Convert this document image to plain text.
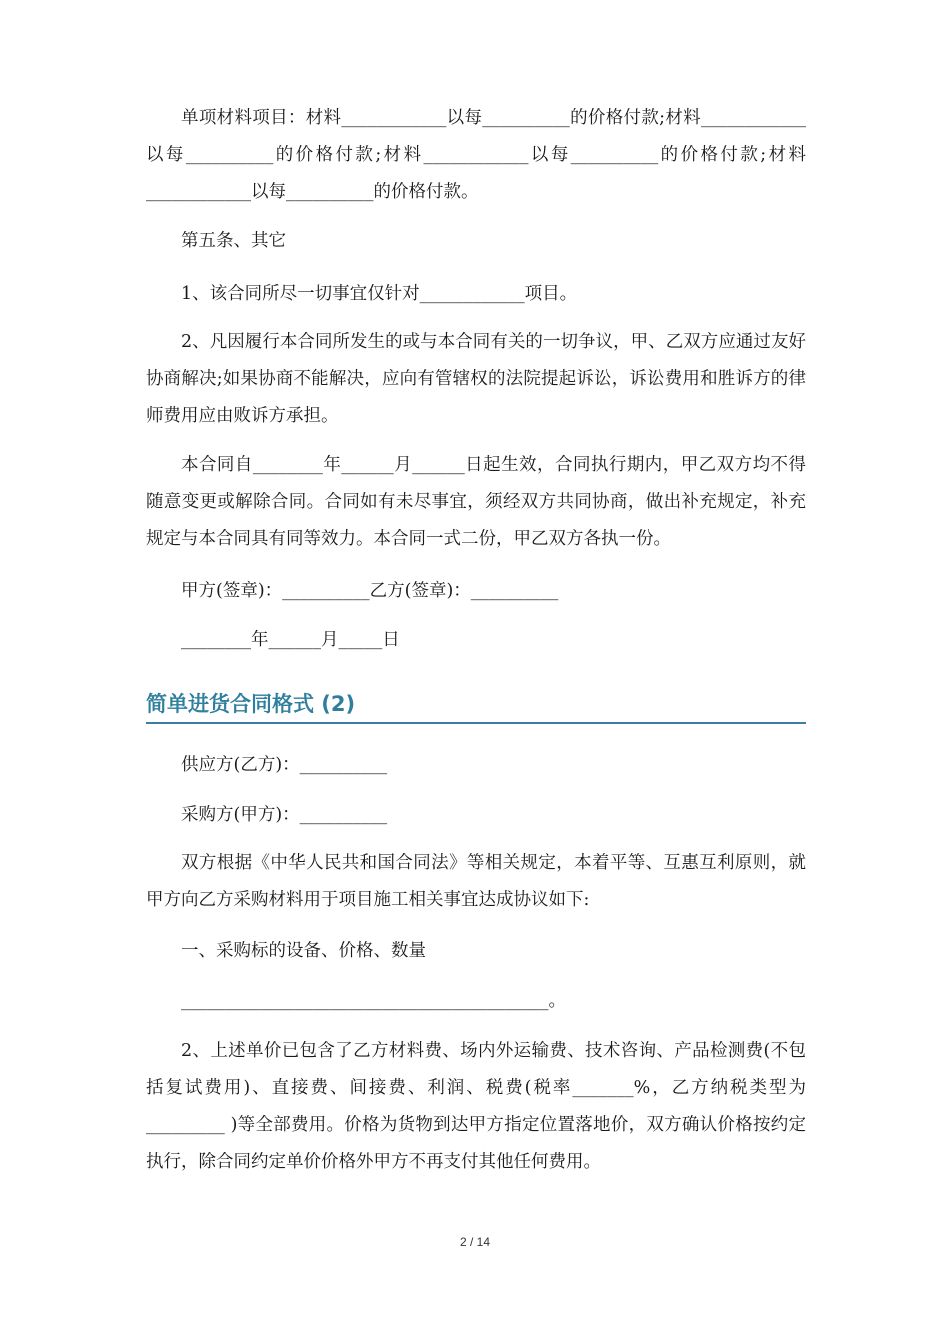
单项材料项目：材料____________以每__________的价格付款;材料____________以每__________的价格付款;材料____________以每__________的价格付款;材料____________以每__________的价格付款。

第五条、其它

1、该合同所尽一切事宜仅针对____________项目。

2、凡因履行本合同所发生的或与本合同有关的一切争议，甲、乙双方应通过友好协商解决;如果协商不能解决，应向有管辖权的法院提起诉讼，诉讼费用和胜诉方的律师费用应由败诉方承担。

本合同自________年______月______日起生效，合同执行期内，甲乙双方均不得随意变更或解除合同。合同如有未尽事宜，须经双方共同协商，做出补充规定，补充规定与本合同具有同等效力。本合同一式二份，甲乙双方各执一份。

甲方(签章)：__________乙方(签章)：__________

________年______月_____日

简单进货合同格式 (2)

供应方(乙方)：__________

采购方(甲方)：__________

双方根据《中华人民共和国合同法》等相关规定，本着平等、互惠互利原则，就甲方向乙方采购材料用于项目施工相关事宜达成协议如下:

一、采购标的设备、价格、数量

__________________________________________。

2、上述单价已包含了乙方材料费、场内外运输费、技术咨询、产品检测费(不包括复试费用)、直接费、间接费、利润、税费(税率_______%，乙方纳税类型为_________ )等全部费用。价格为货物到达甲方指定位置落地价，双方确认价格按约定执行，除合同约定单价价格外甲方不再支付其他任何费用。

2 / 14
